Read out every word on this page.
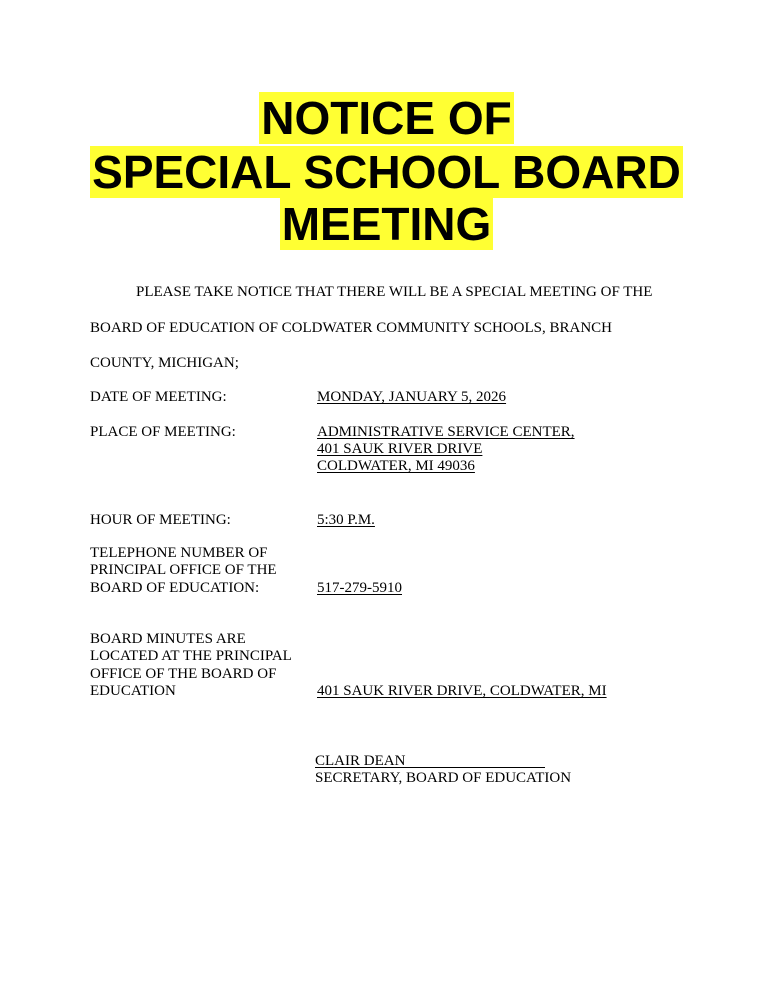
NOTICE OF
SPECIAL SCHOOL BOARD
MEETING
PLEASE TAKE NOTICE THAT THERE WILL BE A SPECIAL MEETING OF THE
BOARD OF EDUCATION OF COLDWATER COMMUNITY SCHOOLS, BRANCH
COUNTY, MICHIGAN;
DATE OF MEETING:	MONDAY, JANUARY 5, 2026
PLACE OF MEETING:	ADMINISTRATIVE SERVICE CENTER,
401 SAUK RIVER DRIVE
COLDWATER, MI 49036
HOUR OF MEETING:	5:30 P.M.
TELEPHONE NUMBER OF
PRINCIPAL OFFICE OF THE
BOARD OF EDUCATION:	517-279-5910
BOARD MINUTES ARE
LOCATED AT THE PRINCIPAL
OFFICE OF THE BOARD OF
EDUCATION	401 SAUK RIVER DRIVE, COLDWATER, MI
CLAIR DEAN
SECRETARY, BOARD OF EDUCATION
